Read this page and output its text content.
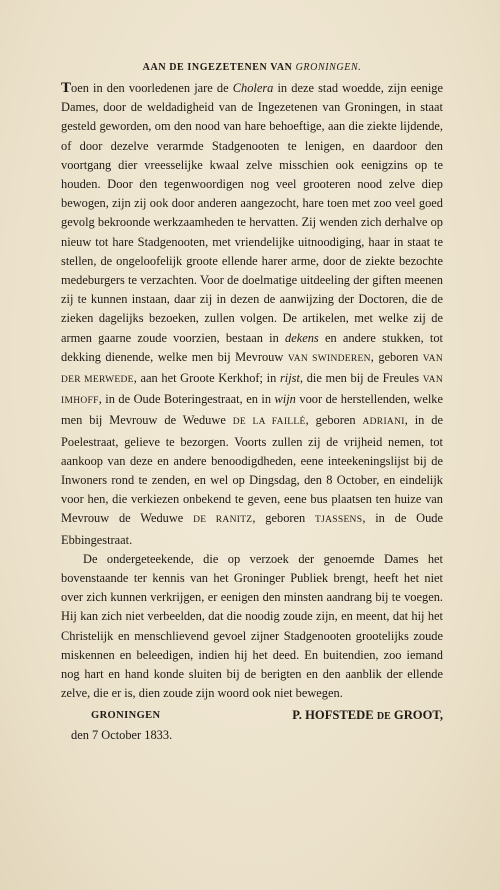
AAN DE INGEZETENEN VAN GRONINGEN.

Toen in den voorledenen jare de Cholera in deze stad woedde, zijn eenige Dames, door de weldadigheid van de Ingezetenen van Groningen, in staat gesteld geworden, om den nood van hare behoeftige, aan die ziekte lijdende, of door dezelve verarmde Stadgenooten te lenigen, en daardoor den voortgang dier vreesselijke kwaal zelve misschien ook eenigzins op te houden. Door den tegenwoordigen nog veel grooteren nood zelve diep bewogen, zijn zij ook door anderen aangezocht, hare toen met zoo veel goed gevolg bekroonde werkzaamheden te hervatten. Zij wenden zich derhalve op nieuw tot hare Stadgenooten, met vriendelijke uitnoodiging, haar in staat te stellen, de ongeloofelijk groote ellende harer arme, door de ziekte bezochte medeburgers te verzachten. Voor de doelmatige uitdeeling der giften meenen zij te kunnen instaan, daar zij in dezen de aanwijzing der Doctoren, die de zieken dagelijks bezoeken, zullen volgen. De artikelen, met welke zij de armen gaarne zoude voorzien, bestaan in dekens en andere stukken, tot dekking dienende, welke men bij Mevrouw VAN SWINDEREN, geboren VAN DER MERWEDE, aan het Groote Kerkhof; in rijst, die men bij de Freules VAN IMHOFF, in de Oude Boteringestraat, en in wijn voor de herstellenden, welke men bij Mevrouw de Weduwe DE LA FAILLÉ, geboren ADRIANI, in de Poelestraat, gelieve te bezorgen. Voorts zullen zij de vrijheid nemen, tot aankoop van deze en andere benoodigdheden, eene inteekeningslijst bij de Inwoners rond te zenden, en wel op Dingsdag, den 8 October, en eindelijk voor hen, die verkiezen onbekend te geven, eene bus plaatsen ten huize van Mevrouw de Weduwe DE RANITZ, geboren TJASSENS, in de Oude Ebbingestraat.

De ondergeteekende, die op verzoek der genoemde Dames het bovenstaande ter kennis van het Groninger Publiek brengt, heeft het niet over zich kunnen verkrijgen, er eenigen den minsten aandrang bij te voegen. Hij kan zich niet verbeelden, dat die noodig zoude zijn, en meent, dat hij het Christelijk en menschlievend gevoel zijner Stadgenooten grootelijks zoude miskennen en beleedigen, indien hij het deed. En buitendien, zoo iemand nog hart en hand konde sluiten bij de berigten en den aanblik der ellende zelve, die er is, dien zoude zijn woord ook niet bewegen.

GRONINGEN	P. HOFSTEDE DE GROOT,

den 7 October 1833.
